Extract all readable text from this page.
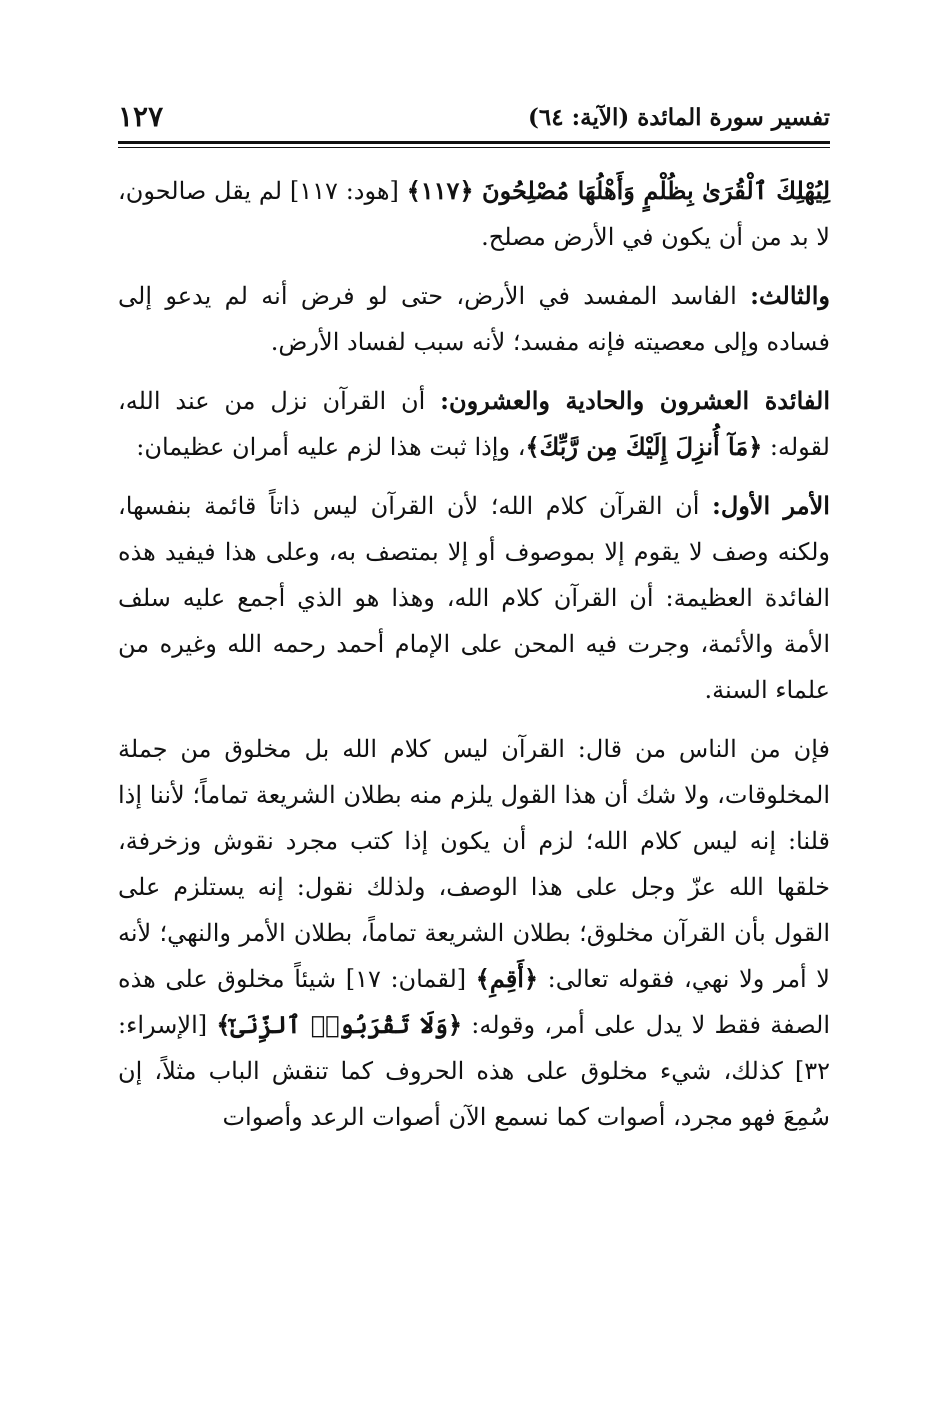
تفسير سورة المائدة (الآية: ٦٤)
١٢٧

لِيُهْلِكَ ٱلْقُرَىٰ بِظُلْمٍ وَأَهْلُهَا مُصْلِحُونَ ﴿١١٧﴾ [هود: ١١٧] لم يقل صالحون، لا بد من أن يكون في الأرض مصلح.

والثالث: الفاسد المفسد في الأرض، حتى لو فرض أنه لم يدعو إلى فساده وإلى معصيته فإنه مفسد؛ لأنه سبب لفساد الأرض.

الفائدة العشرون والحادية والعشرون: أن القرآن نزل من عند الله، لقوله: ﴿مَآ أُنزِلَ إِلَيْكَ مِن رَّبِّكَ﴾، وإذا ثبت هذا لزم عليه أمران عظيمان:

الأمر الأول: أن القرآن كلام الله؛ لأن القرآن ليس ذاتاً قائمة بنفسها، ولكنه وصف لا يقوم إلا بموصوف أو إلا بمتصف به، وعلى هذا فيفيد هذه الفائدة العظيمة: أن القرآن كلام الله، وهذا هو الذي أجمع عليه سلف الأمة والأئمة، وجرت فيه المحن على الإمام أحمد رحمه الله وغيره من علماء السنة.

فإن من الناس من قال: القرآن ليس كلام الله بل مخلوق من جملة المخلوقات، ولا شك أن هذا القول يلزم منه بطلان الشريعة تماماً؛ لأننا إذا قلنا: إنه ليس كلام الله؛ لزم أن يكون إذا كتب مجرد نقوش وزخرفة، خلقها الله عزّ وجل على هذا الوصف، ولذلك نقول: إنه يستلزم على القول بأن القرآن مخلوق؛ بطلان الشريعة تماماً، بطلان الأمر والنهي؛ لأنه لا أمر ولا نهي، فقوله تعالى: ﴿أَقِمِ﴾ [لقمان: ١٧] شيئاً مخلوق على هذه الصفة فقط لا يدل على أمر، وقوله: ﴿وَلَا تَقْرَبُوا۟ ٱلزِّنَىٰٓ﴾ [الإسراء: ٣٢] كذلك، شيء مخلوق على هذه الحروف كما تنقش الباب مثلاً، إن سُمِعَ فهو مجرد، أصوات كما نسمع الآن أصوات الرعد وأصوات
